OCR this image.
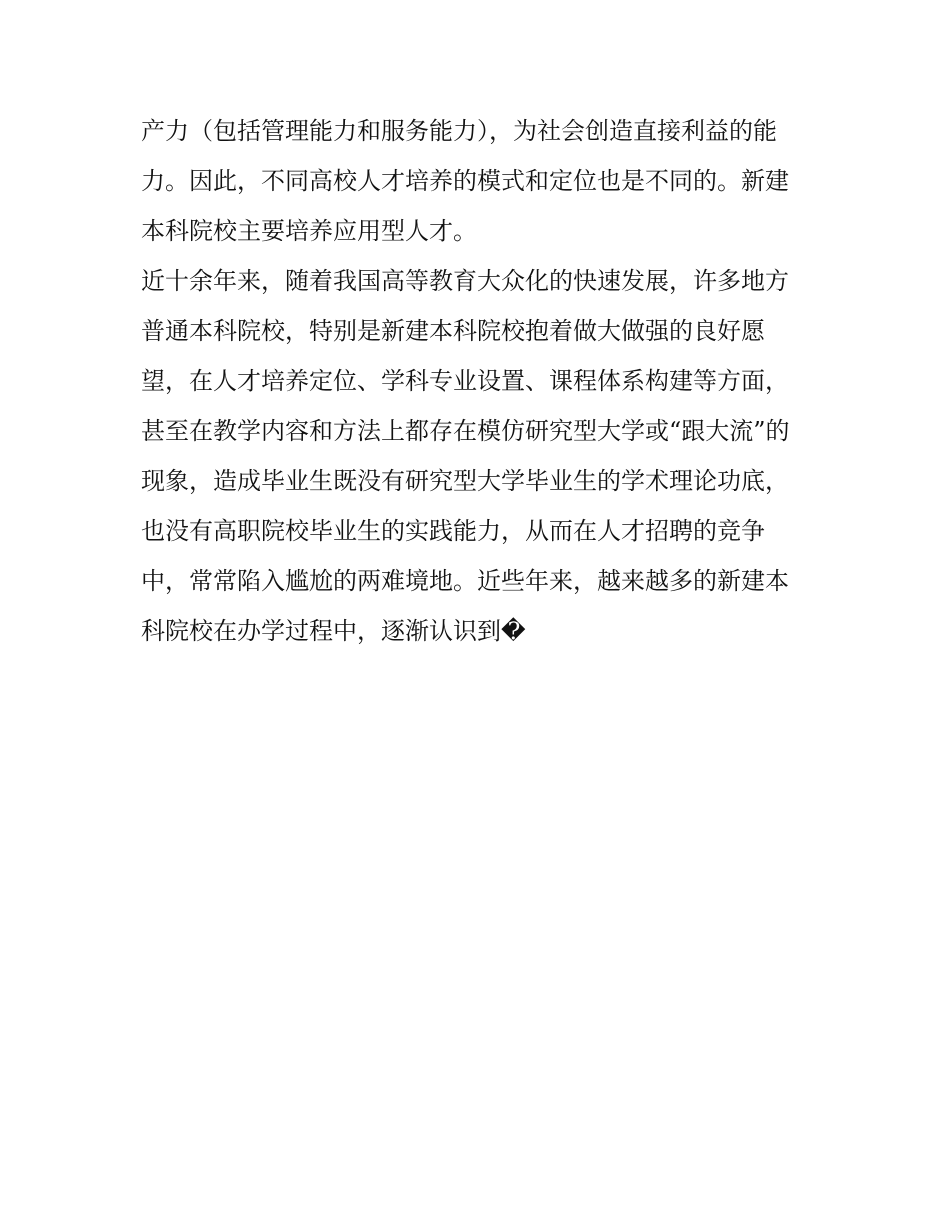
产力（包括管理能力和服务能力），为社会创造直接利益的能
力。因此，不同高校人才培养的模式和定位也是不同的。新建
本科院校主要培养应用型人才。
近十余年来，随着我国高等教育大众化的快速发展，许多地方
普通本科院校，特别是新建本科院校抱着做大做强的良好愿
望，在人才培养定位、学科专业设置、课程体系构建等方面，
甚至在教学内容和方法上都存在模仿研究型大学或“跟大流”的
现象，造成毕业生既没有研究型大学毕业生的学术理论功底，
也没有高职院校毕业生的实践能力，从而在人才招聘的竞争
中，常常陷入尴尬的两难境地。近些年来，越来越多的新建本
科院校在办学过程中，逐渐认识到�
